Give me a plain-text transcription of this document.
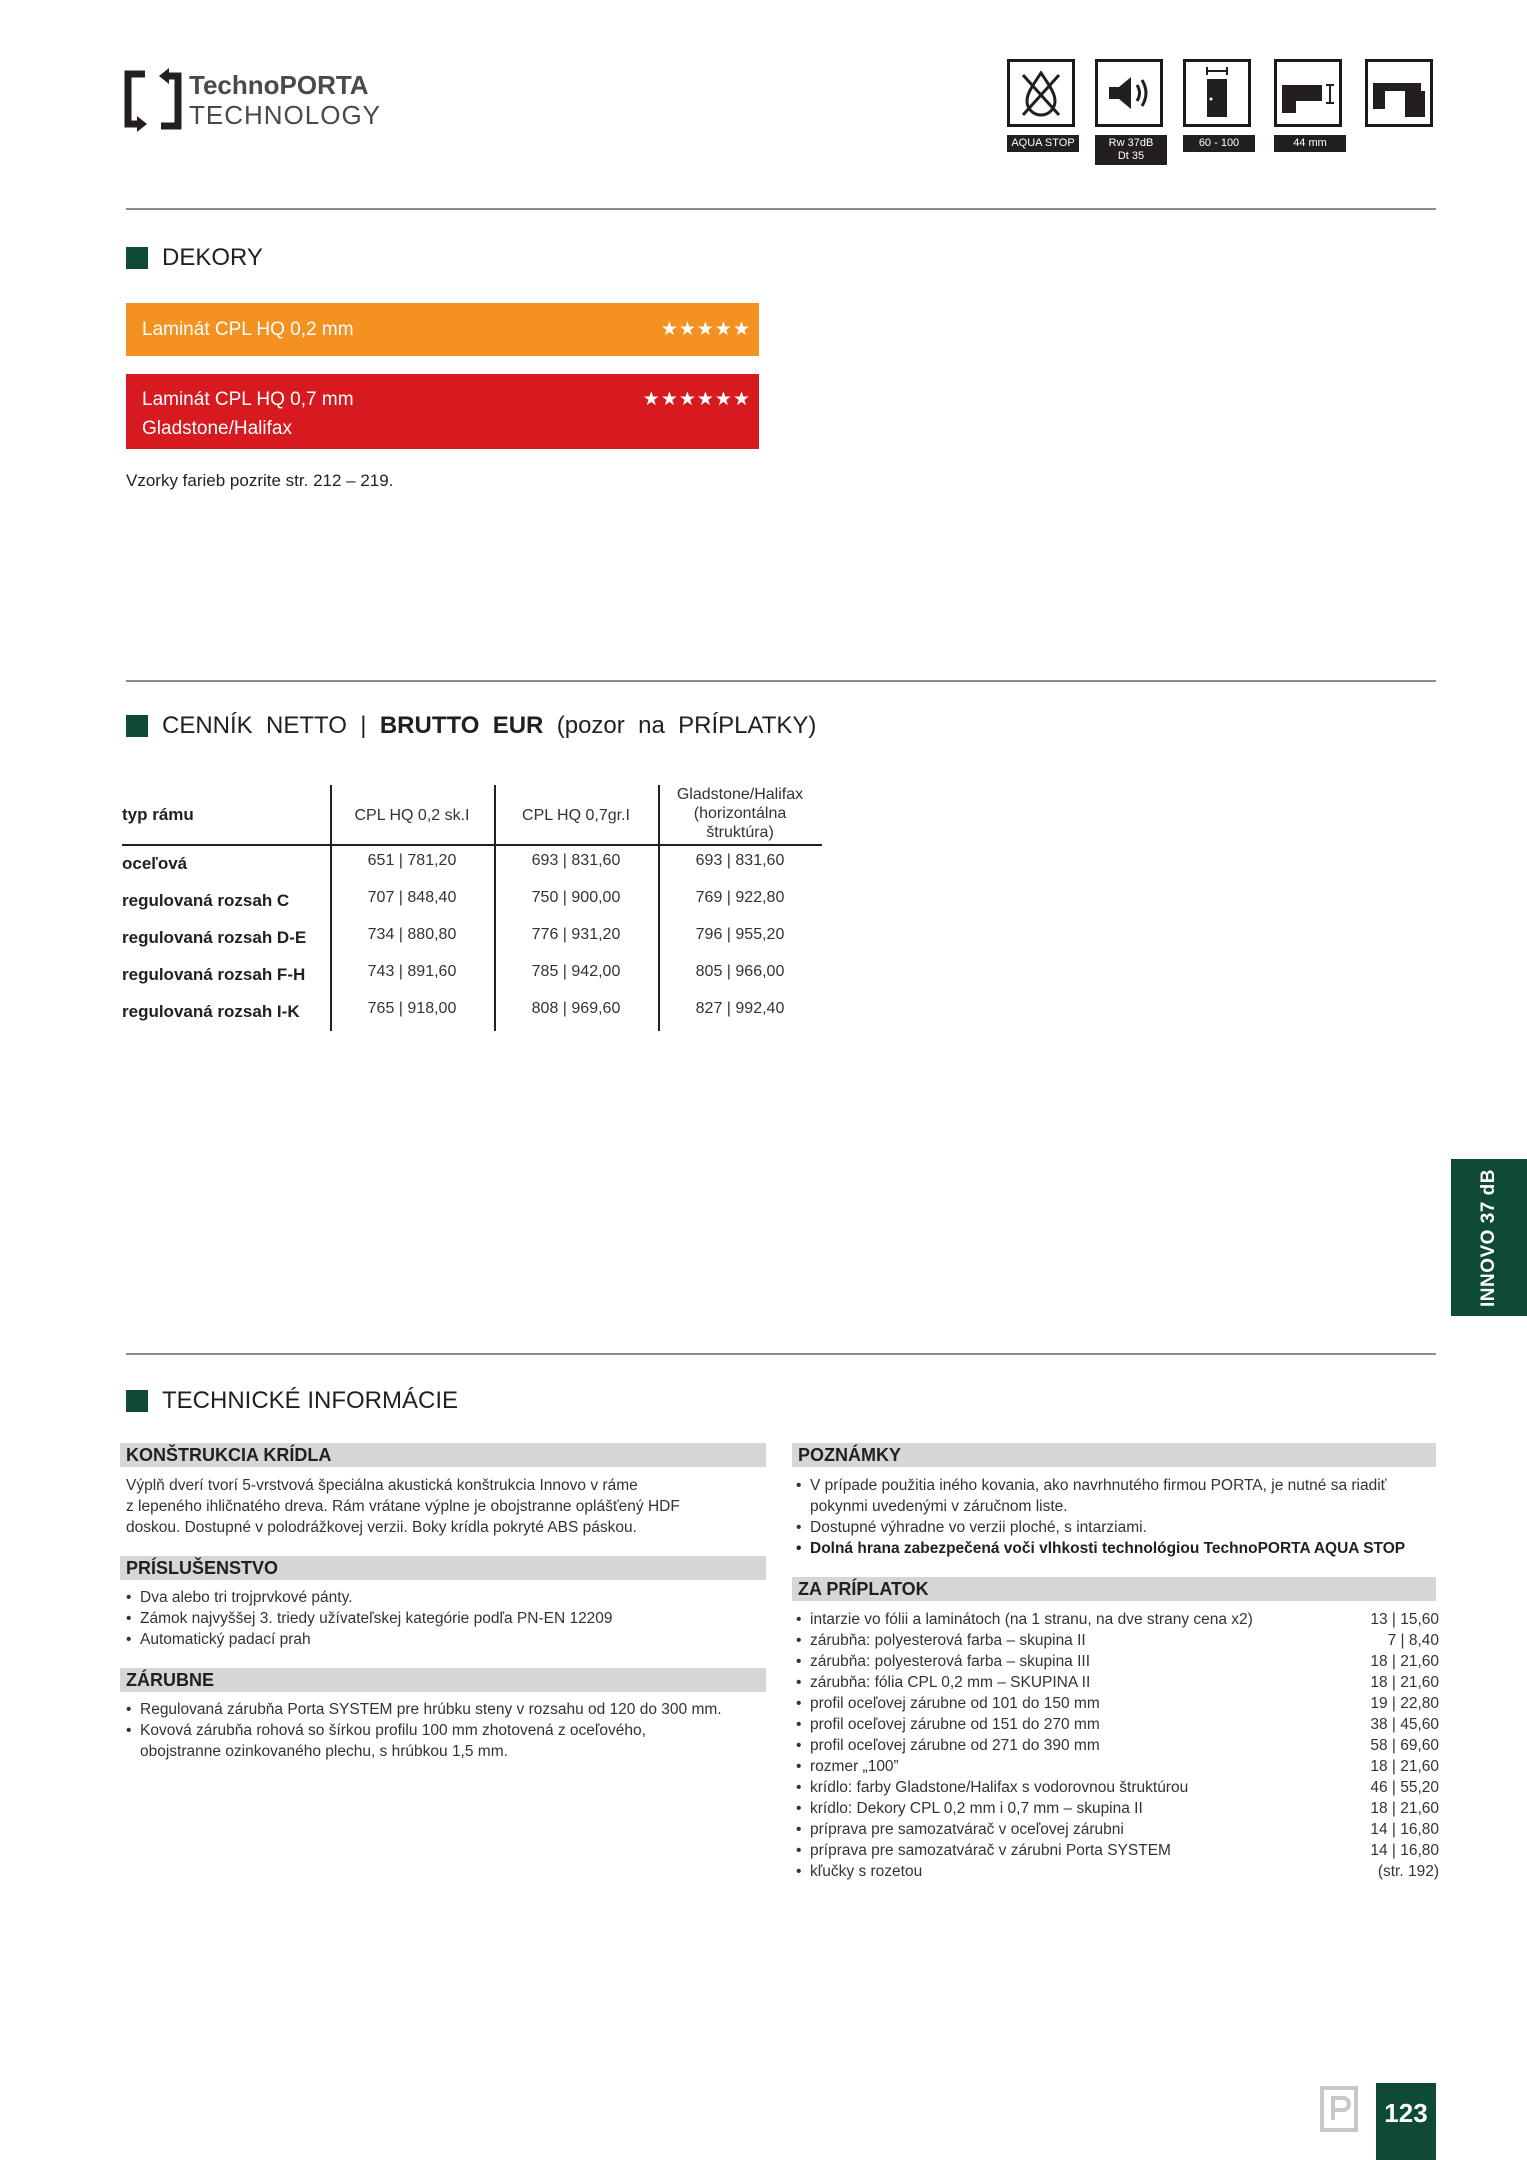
TechnoPORTA
TECHNOLOGY
AQUA STOP	Rw 37dB
Dt 35
60 - 100	44 mm
DEKORY
Laminát CPL HQ 0,2 mm	★★★★★
Laminát CPL HQ 0,7 mm
Gladstone/Halifax
★★★★★★
Vzorky farieb pozrite str. 212 – 219.
CENNÍK  NETTO  | BRUTTO  EUR (pozor  na  PRÍPLATKY)
typ rámu	CPL HQ 0,2 sk.I	CPL HQ 0,7gr.I
Gladstone/Halifax
(horizontálna
štruktúra)
oceľová	651 | 781,20	693 | 831,60	693 | 831,60
regulovaná rozsah C	707 | 848,40	750 | 900,00	769 | 922,80
regulovaná rozsah D-E	734 | 880,80	776 | 931,20	796 | 955,20
regulovaná rozsah F-H	743 | 891,60	785 | 942,00	805 | 966,00
regulovaná rozsah I-K	765 | 918,00	808 | 969,60	827 | 992,40
INNOVO 37 dB
TECHNICKÉ INFORMÁCIE
KONŠTRUKCIA KRÍDLA
Výplň dverí tvorí 5-vrstvová špeciálna akustická konštrukcia Innovo v ráme
z lepeného ihličnatého dreva. Rám vrátane výplne je obojstranne oplášťený HDF
doskou. Dostupné v polodrážkovej verzii. Boky krídla pokryté ABS páskou.
PRÍSLUŠENSTVO
• Dva alebo tri trojprvkové pánty.
• Zámok najvyššej 3. triedy užívateľskej kategórie podľa PN-EN 12209
• Automatický padací prah
ZÁRUBNE
• Regulovaná zárubňa Porta SYSTEM pre hrúbku steny v rozsahu od 120 do 300 mm.
• Kovová zárubňa rohová so šírkou profilu 100 mm zhotovená z oceľového,
obojstranne ozinkovaného plechu, s hrúbkou 1,5 mm.
POZNÁMKY
• V prípade použitia iného kovania, ako navrhnutého firmou PORTA, je nutné sa riadiť
pokynmi uvedenými v záručnom liste.
• Dostupné výhradne vo verzii ploché, s intarziami.
• Dolná hrana zabezpečená voči vlhkosti technológiou TechnoPORTA AQUA STOP
ZA PRÍPLATOK
• intarzie vo fólii a laminátoch (na 1 stranu, na dve strany cena x2)	13 | 15,60
• zárubňa: polyesterová farba – skupina II	7 | 8,40
• zárubňa: polyesterová farba – skupina III	18 | 21,60
• zárubňa: fólia CPL 0,2 mm – SKUPINA II	18 | 21,60
• profil oceľovej zárubne od 101 do 150 mm	19 | 22,80
• profil oceľovej zárubne od 151 do 270 mm	38 | 45,60
• profil oceľovej zárubne od 271 do 390 mm	58 | 69,60
• rozmer „100”	18 | 21,60
• krídlo: farby Gladstone/Halifax s vodorovnou štruktúrou	46 | 55,20
• krídlo: Dekory CPL 0,2 mm i 0,7 mm – skupina II	18 | 21,60
• príprava pre samozatvárač v oceľovej zárubni	14 | 16,80
• príprava pre samozatvárač v zárubni Porta SYSTEM	14 | 16,80
• kľučky s rozetou	(str. 192)
123
